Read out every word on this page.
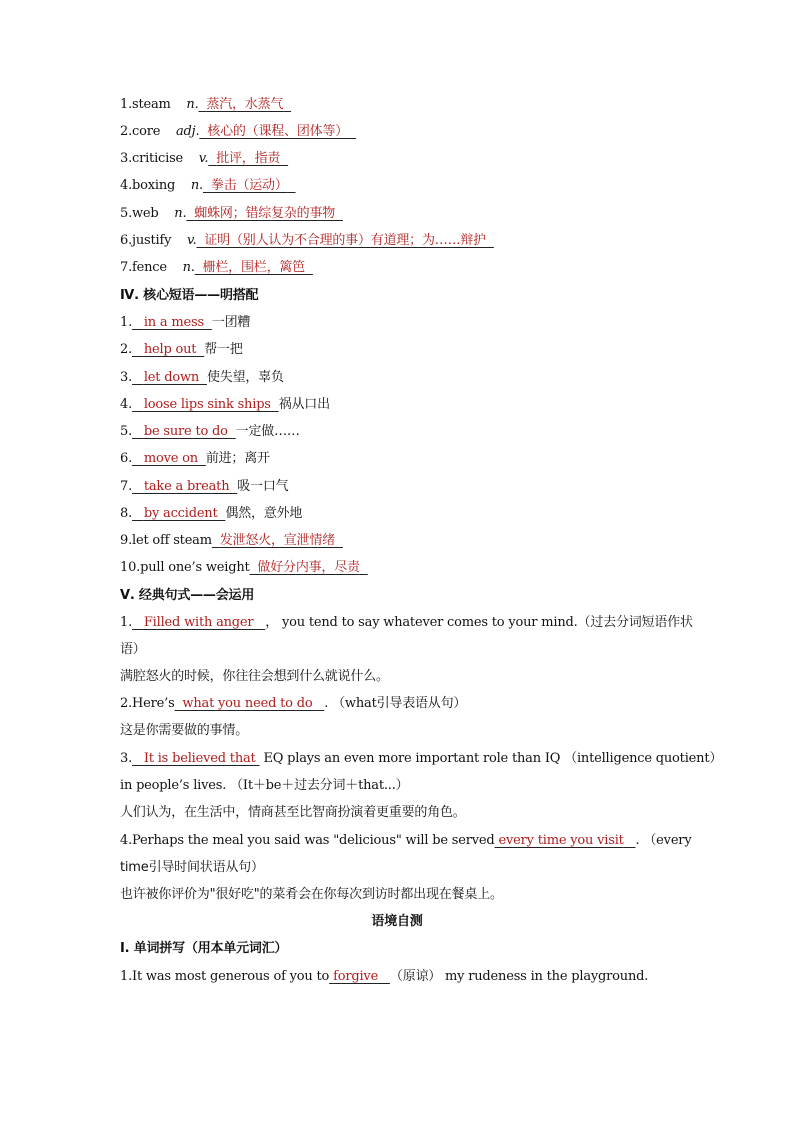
1.steam n. 蒸汽，水蒸气
2.core adj. 核心的（课程、团体等）
3.criticise v. 批评，指责
4.boxing n. 拳击（运动）
5.web n. 蜘蛛网；错综复杂的事物
6.justify v. 证明（别人认为不合理的事）有道理；为……辩护
7.fence n. 栅栏，围栏，篱笆
Ⅳ. 核心短语——明搭配
1. in a mess 一团糟
2. help out 帮一把
3. let down 使失望，辜负
4. loose lips sink ships 祸从口出
5. be sure to do 一定做……
6. move on 前进；离开
7. take a breath 吸一口气
8. by accident 偶然，意外地
9.let off steam 发泄怒火，宣泄情绪
10.pull one’s weight 做好分内事，尽责
Ⅴ. 经典句式——会运用
1. Filled with anger ， you tend to say whatever comes to your mind.（过去分词短语作状
语）
满腔怒火的时候，你往往会想到什么就说什么。
2.Here’s what you need to do . （what引导表语从句）
这是你需要做的事情。
3. It is believed that  EQ plays an even more important role than IQ （intelligence quotient）
in people’s lives. （It＋be＋过去分词＋that...）
人们认为，在生活中，情商甚至比智商扮演着更重要的角色。
4.Perhaps the meal you said was "delicious" will be served every time you visit . （every
time引导时间状语从句）
也许被你评价为"很好吃"的菜肴会在你每次到访时都出现在餐桌上。
语境自测
Ⅰ. 单词拼写（用本单元词汇）
1.It was most generous of you to forgive （原谅） my rudeness in the playground.
